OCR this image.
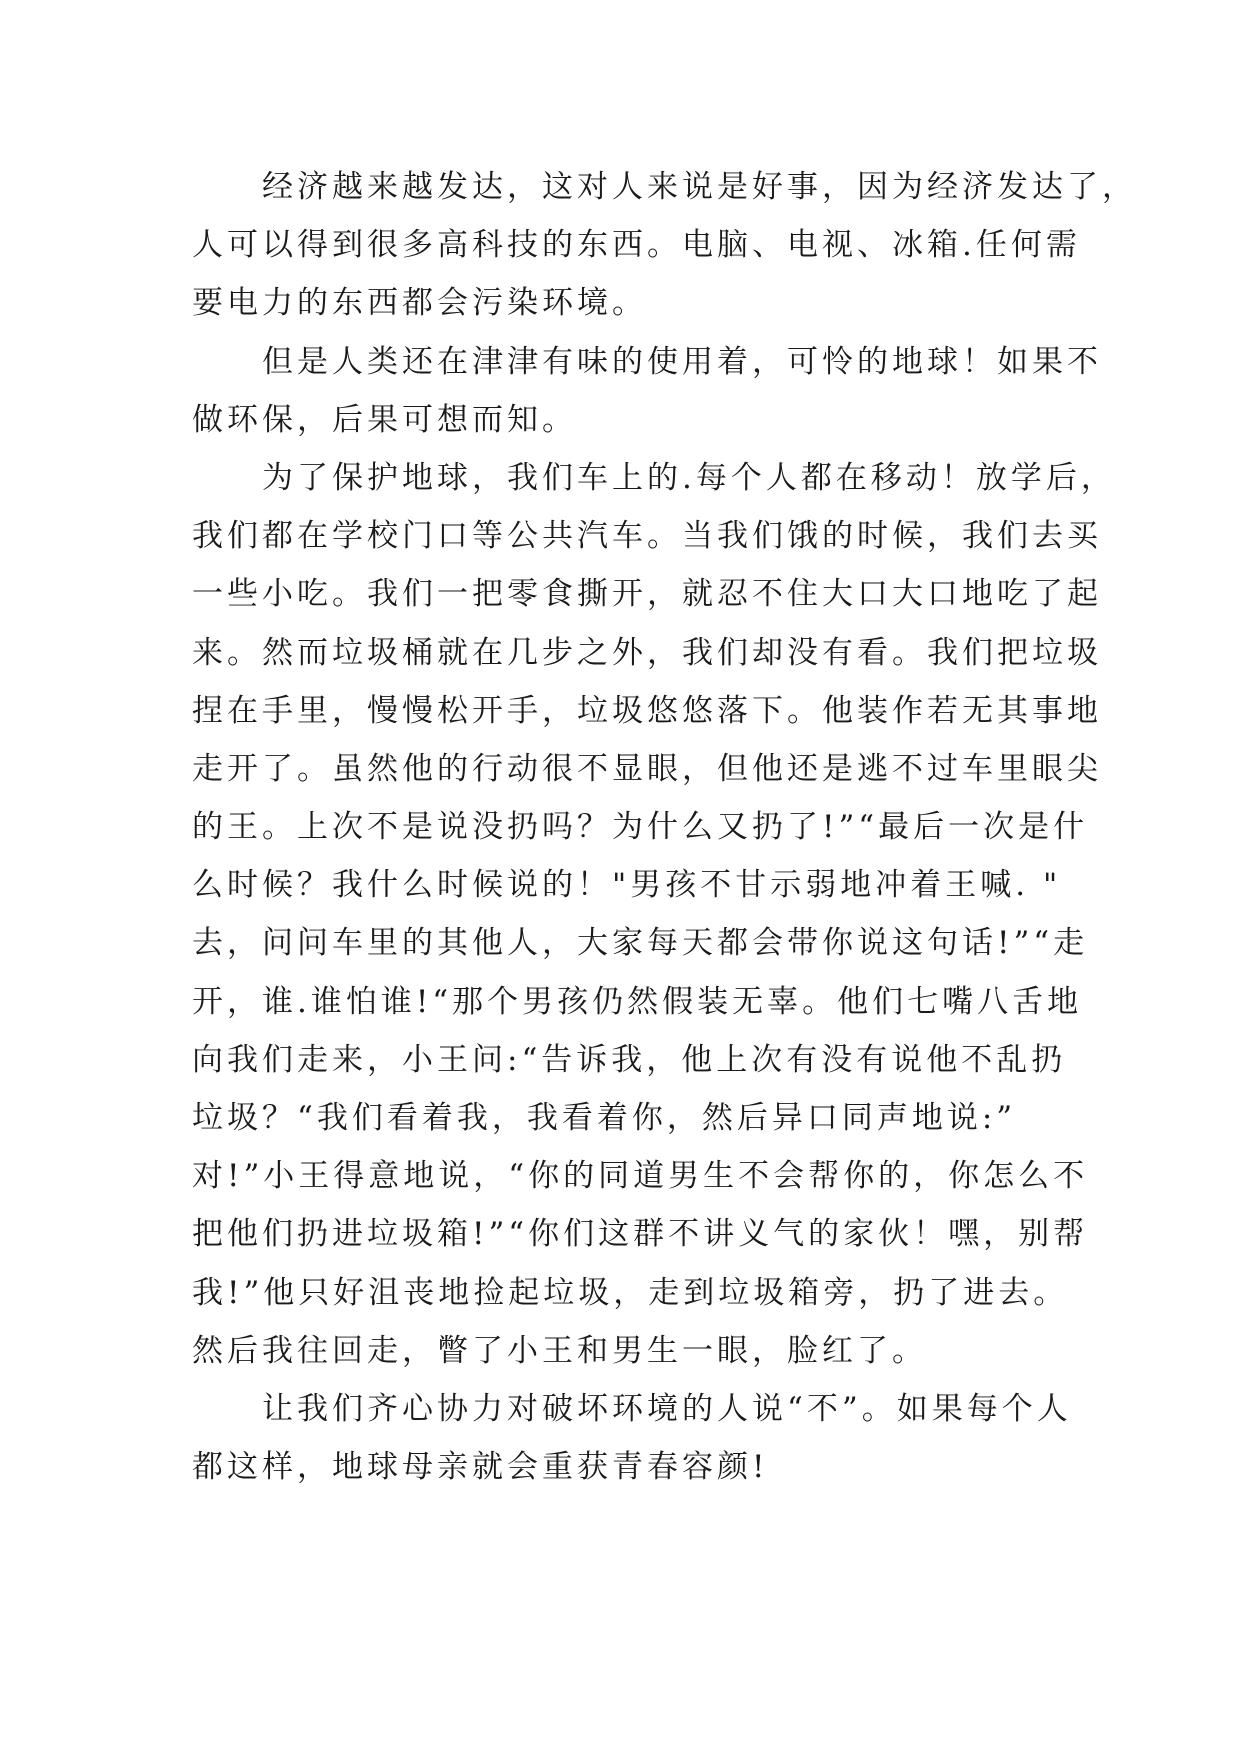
　　经济越来越发达，这对人来说是好事，因为经济发达了，
人可以得到很多高科技的东西。电脑、电视、冰箱.任何需
要电力的东西都会污染环境。
　　但是人类还在津津有味的使用着，可怜的地球！如果不
做环保，后果可想而知。
　　为了保护地球，我们车上的.每个人都在移动！放学后，
我们都在学校门口等公共汽车。当我们饿的时候，我们去买
一些小吃。我们一把零食撕开，就忍不住大口大口地吃了起
来。然而垃圾桶就在几步之外，我们却没有看。我们把垃圾
捏在手里，慢慢松开手，垃圾悠悠落下。他装作若无其事地
走开了。虽然他的行动很不显眼，但他还是逃不过车里眼尖
的王。上次不是说没扔吗？为什么又扔了!”“最后一次是什
么时候？我什么时候说的！"男孩不甘示弱地冲着王喊. "
去，问问车里的其他人，大家每天都会带你说这句话!”“走
开，谁.谁怕谁!“那个男孩仍然假装无辜。他们七嘴八舌地
向我们走来，小王问:“告诉我，他上次有没有说他不乱扔
垃圾？“我们看着我，我看着你，然后异口同声地说:”
对!”小王得意地说，“你的同道男生不会帮你的，你怎么不
把他们扔进垃圾箱!”“你们这群不讲义气的家伙！嘿，别帮
我!”他只好沮丧地捡起垃圾，走到垃圾箱旁，扔了进去。
然后我往回走，瞥了小王和男生一眼，脸红了。
　　让我们齐心协力对破坏环境的人说“不”。如果每个人
都这样，地球母亲就会重获青春容颜!
